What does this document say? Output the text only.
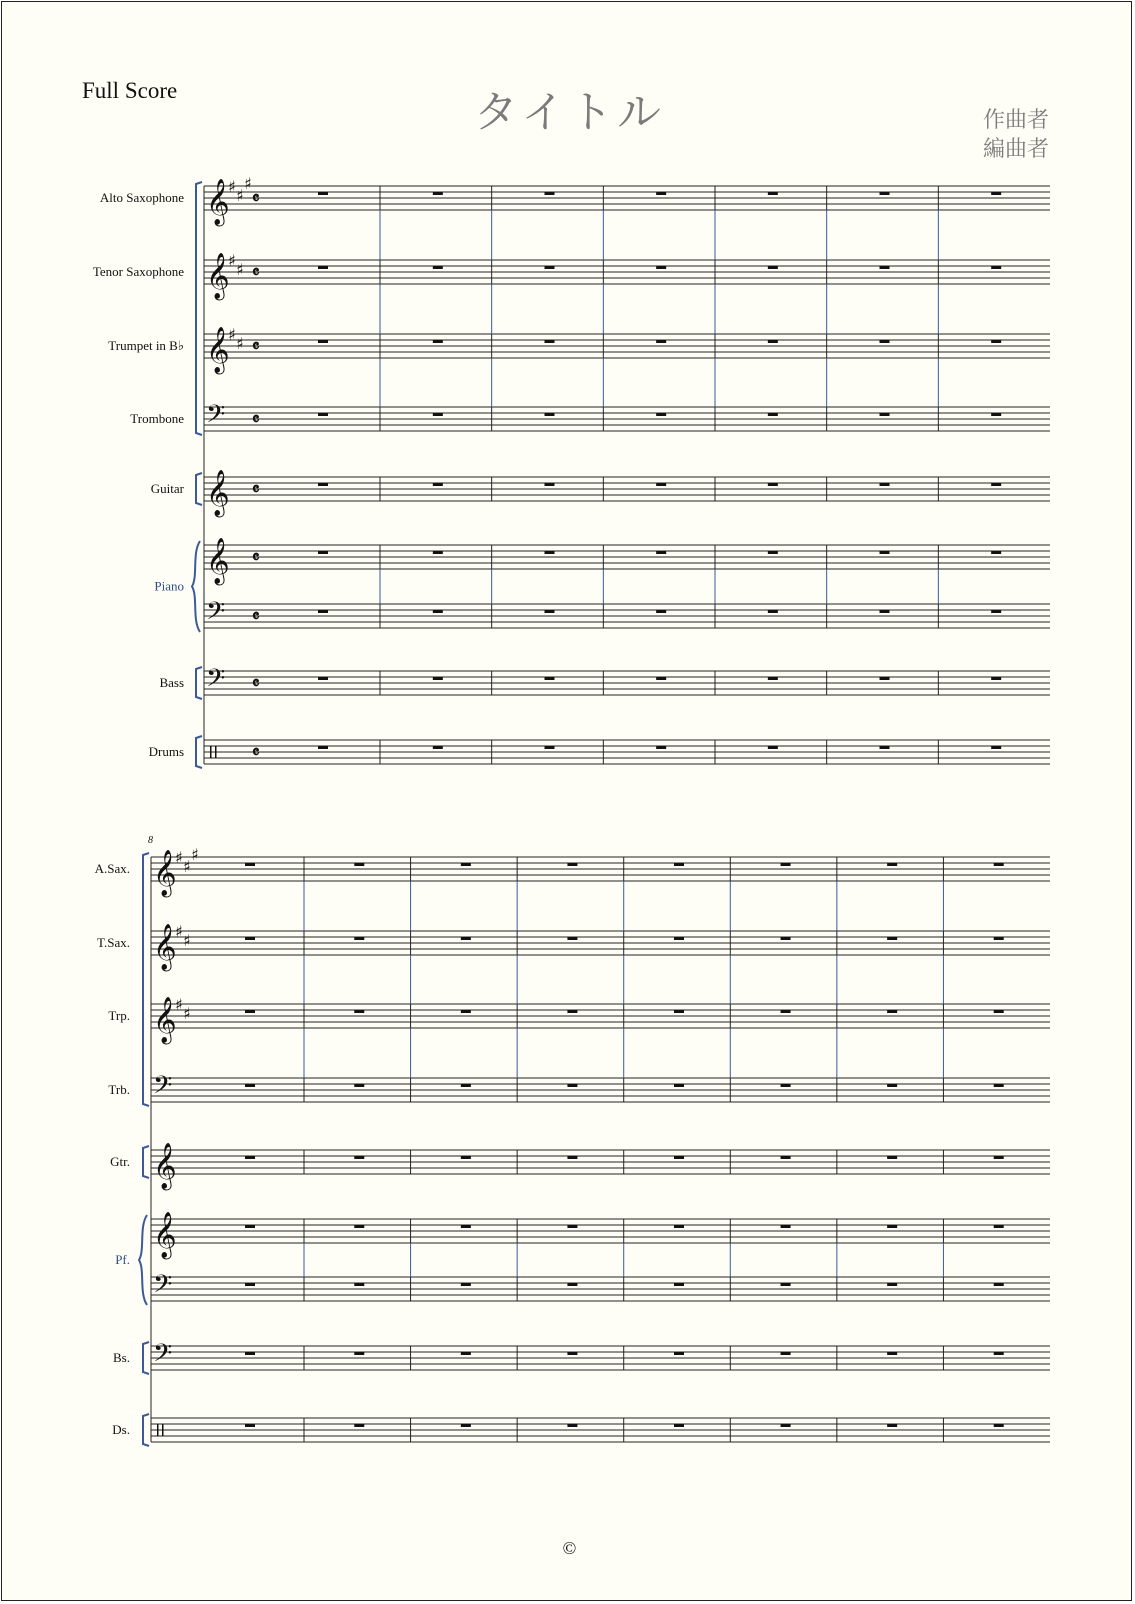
Full Score	タイトル	作曲者
編曲者
©
Alto Saxophone 𝄞
♯ ♯
♯
𝄴
Tenor Saxophone 𝄞
♯ ♯ 𝄴
Trumpet in B♭ 𝄞
♯ ♯ 𝄴
Trombone 𝄢 𝄴
Guitar 𝄞 𝄴
Piano
𝄞 𝄴
𝄢 𝄴
Bass 𝄢 𝄴
Drums	𝄴
8
A.Sax. 𝄞
♯ ♯
♯
T.Sax. 𝄞
♯ ♯
Trp. 𝄞
♯ ♯
Trb. 𝄢
Gtr. 𝄞
Pf.
𝄞
𝄢
Bs. 𝄢
Ds.
